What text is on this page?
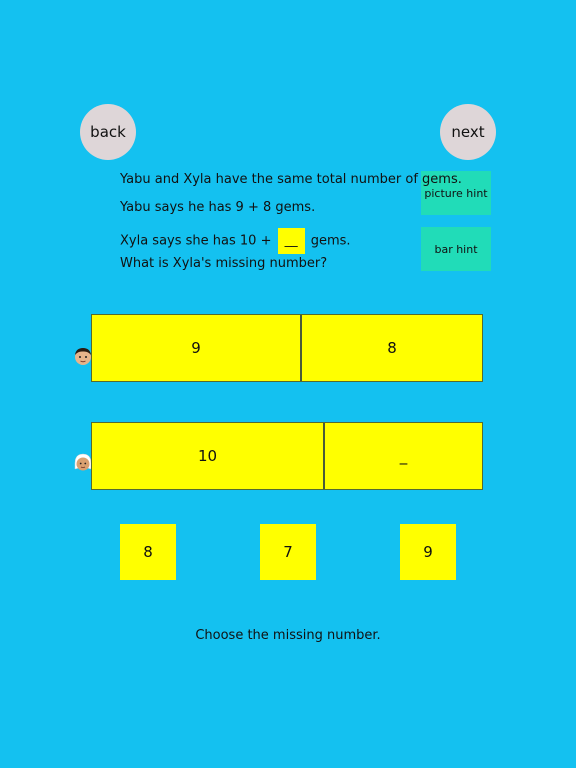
back	next
picture hint
bar hint
Yabu and Xyla have the same total number of gems.
Yabu says he has 9 + 8 gems.
Xyla says she has 10 + __ gems.
What is Xyla's missing number?
9	8
10	_
8	7	9
Choose the missing number.
